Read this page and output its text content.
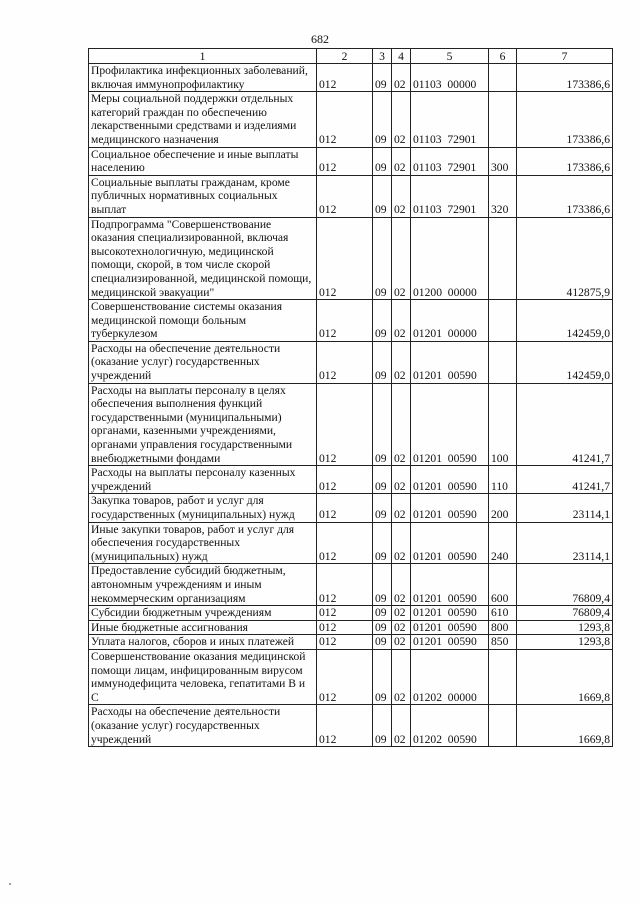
682
1	2	3	4	5	6	7
Профилактика инфекционных заболеваний, включая иммунопрофилактику	012	09	02	01103  00000		173386,6
Меры социальной поддержки отдельных категорий граждан по обеспечению лекарственными средствами и изделиями медицинского назначения	012	09	02	01103  72901		173386,6
Социальное обеспечение и иные выплаты населению	012	09	02	01103  72901	300	173386,6
Социальные выплаты гражданам, кроме публичных нормативных социальных выплат	012	09	02	01103  72901	320	173386,6
Подпрограмма "Совершенствование оказания специализированной, включая высокотехнологичную, медицинской помощи, скорой, в том числе скорой специализированной, медицинской помощи, медицинской эвакуации"	012	09	02	01200  00000		412875,9
Совершенствование системы оказания медицинской помощи больным туберкулезом	012	09	02	01201  00000		142459,0
Расходы на обеспечение деятельности (оказание услуг) государственных учреждений	012	09	02	01201  00590		142459,0
Расходы на выплаты персоналу в целях обеспечения выполнения функций государственными (муниципальными) органами, казенными учреждениями, органами управления государственными внебюджетными фондами	012	09	02	01201  00590	100	41241,7
Расходы на выплаты персоналу казенных учреждений	012	09	02	01201  00590	110	41241,7
Закупка товаров, работ и услуг для государственных (муниципальных) нужд	012	09	02	01201  00590	200	23114,1
Иные закупки товаров, работ и услуг для обеспечения государственных (муниципальных) нужд	012	09	02	01201  00590	240	23114,1
Предоставление субсидий бюджетным, автономным учреждениям и иным некоммерческим организациям	012	09	02	01201  00590	600	76809,4
Субсидии бюджетным учреждениям	012	09	02	01201  00590	610	76809,4
Иные бюджетные ассигнования	012	09	02	01201  00590	800	1293,8
Уплата налогов, сборов и иных платежей	012	09	02	01201  00590	850	1293,8
Совершенствование оказания медицинской помощи лицам, инфицированным вирусом иммунодефицита человека, гепатитами В и С	012	09	02	01202  00000		1669,8
Расходы на обеспечение деятельности (оказание услуг) государственных учреждений	012	09	02	01202  00590		1669,8
